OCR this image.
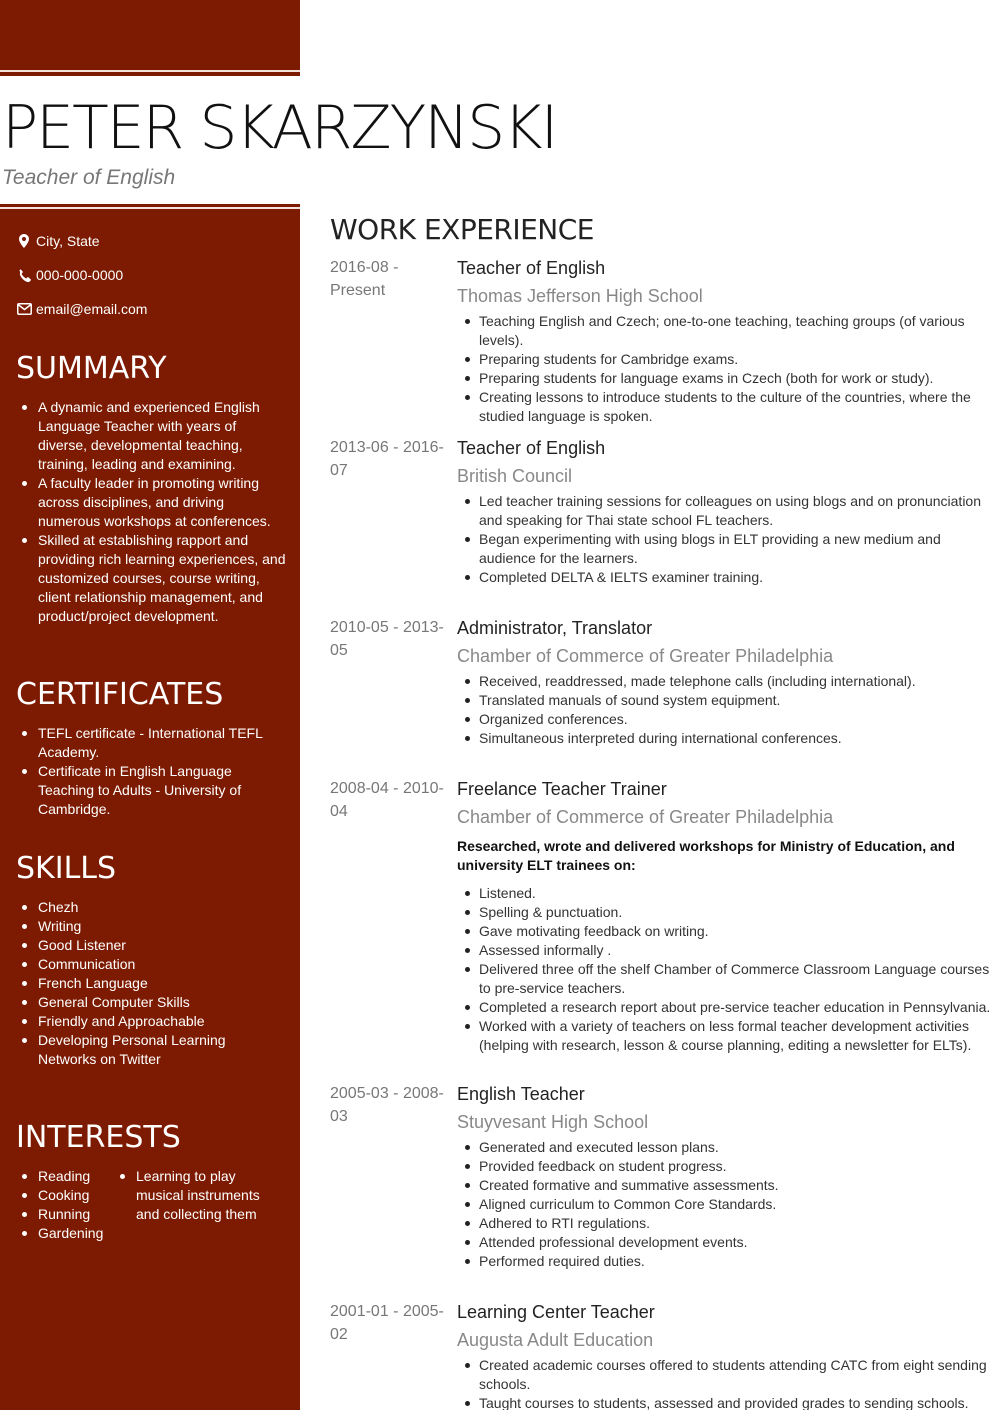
PETER SKARZYNSKI
Teacher of English
City, State
000-000-0000
email@email.com
SUMMARY
A dynamic and experienced English Language Teacher with years of diverse, developmental teaching, training, leading and examining.
A faculty leader in promoting writing across disciplines, and driving numerous workshops at conferences.
Skilled at establishing rapport and providing rich learning experiences, and customized courses, course writing, client relationship management, and product/project development.
CERTIFICATES
TEFL certificate - International TEFL Academy.
Certificate in English Language Teaching to Adults - University of Cambridge.
SKILLS
Chezh
Writing
Good Listener
Communication
French Language
General Computer Skills
Friendly and Approachable
Developing Personal Learning Networks on Twitter
INTERESTS
Reading
Cooking
Running
Gardening
Learning to play musical instruments and collecting them
WORK EXPERIENCE
2016-08 - Present
Teacher of English
Thomas Jefferson High School
Teaching English and Czech; one-to-one teaching, teaching groups (of various levels).
Preparing students for Cambridge exams.
Preparing students for language exams in Czech (both for work or study).
Creating lessons to introduce students to the culture of the countries, where the studied language is spoken.
2013-06 - 2016-07
Teacher of English
British Council
Led teacher training sessions for colleagues on using blogs and on pronunciation and speaking for Thai state school FL teachers.
Began experimenting with using blogs in ELT providing a new medium and audience for the learners.
Completed DELTA & IELTS examiner training.
2010-05 - 2013-05
Administrator, Translator
Chamber of Commerce of Greater Philadelphia
Received, readdressed, made telephone calls (including international).
Translated manuals of sound system equipment.
Organized conferences.
Simultaneous interpreted during international conferences.
2008-04 - 2010-04
Freelance Teacher Trainer
Chamber of Commerce of Greater Philadelphia
Researched, wrote and delivered workshops for Ministry of Education, and university ELT trainees on:
Listened.
Spelling & punctuation.
Gave motivating feedback on writing.
Assessed informally .
Delivered three off the shelf Chamber of Commerce Classroom Language courses to pre-service teachers.
Completed a research report about pre-service teacher education in Pennsylvania.
Worked with a variety of teachers on less formal teacher development activities (helping with research, lesson & course planning, editing a newsletter for ELTs).
2005-03 - 2008-03
English Teacher
Stuyvesant High School
Generated and executed lesson plans.
Provided feedback on student progress.
Created formative and summative assessments.
Aligned curriculum to Common Core Standards.
Adhered to RTI regulations.
Attended professional development events.
Performed required duties.
2001-01 - 2005-02
Learning Center Teacher
Augusta Adult Education
Created academic courses offered to students attending CATC from eight sending schools.
Taught courses to students, assessed and provided grades to sending schools.
